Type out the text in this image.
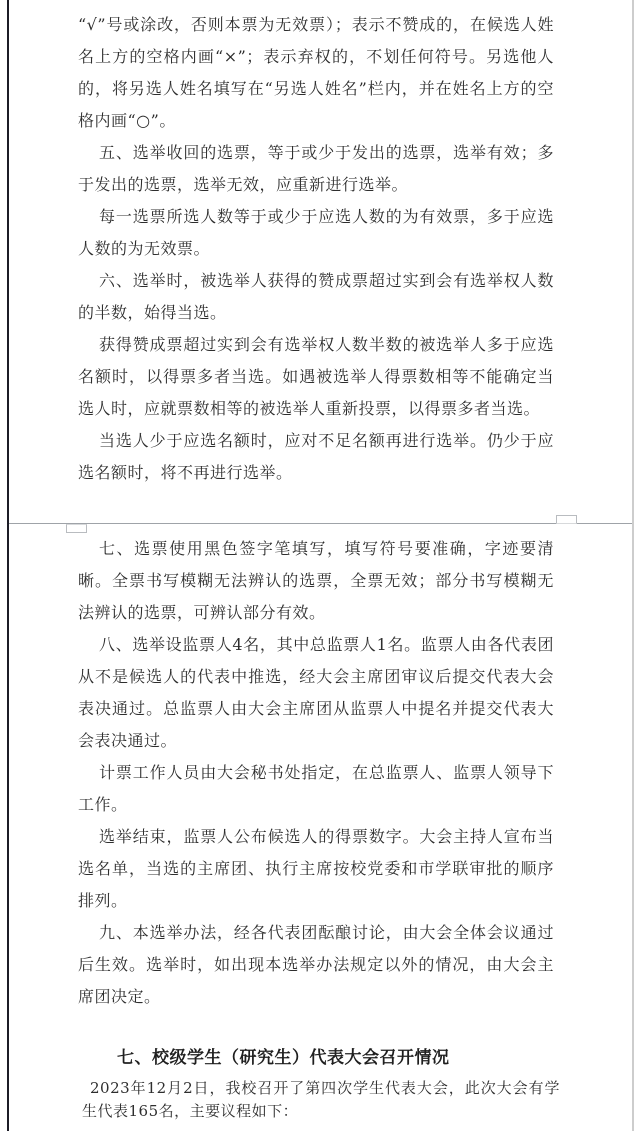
“√”号或涂改，否则本票为无效票）；表示不赞成的，在候选人姓名上方的空格内画“×”；表示弃权的，不划任何符号。另选他人的，将另选人姓名填写在“另选人姓名”栏内，并在姓名上方的空格内画“○”。

五、选举收回的选票，等于或少于发出的选票，选举有效；多于发出的选票，选举无效，应重新进行选举。

每一选票所选人数等于或少于应选人数的为有效票，多于应选人数的为无效票。

六、选举时，被选举人获得的赞成票超过实到会有选举权人数的半数，始得当选。

获得赞成票超过实到会有选举权人数半数的被选举人多于应选名额时，以得票多者当选。如遇被选举人得票数相等不能确定当选人时，应就票数相等的被选举人重新投票，以得票多者当选。

当选人少于应选名额时，应对不足名额再进行选举。仍少于应选名额时，将不再进行选举。

七、选票使用黑色签字笔填写，填写符号要准确，字迹要清晰。全票书写模糊无法辨认的选票，全票无效；部分书写模糊无法辨认的选票，可辨认部分有效。

八、选举设监票人4名，其中总监票人1名。监票人由各代表团从不是候选人的代表中推选，经大会主席团审议后提交代表大会表决通过。总监票人由大会主席团从监票人中提名并提交代表大会表决通过。

计票工作人员由大会秘书处指定，在总监票人、监票人领导下工作。

选举结束，监票人公布候选人的得票数字。大会主持人宣布当选名单，当选的主席团、执行主席按校党委和市学联审批的顺序排列。

九、本选举办法，经各代表团酝酿讨论，由大会全体会议通过后生效。选举时，如出现本选举办法规定以外的情况，由大会主席团决定。

七、校级学生（研究生）代表大会召开情况

2023年12月2日，我校召开了第四次学生代表大会，此次大会有学生代表165名，主要议程如下：
